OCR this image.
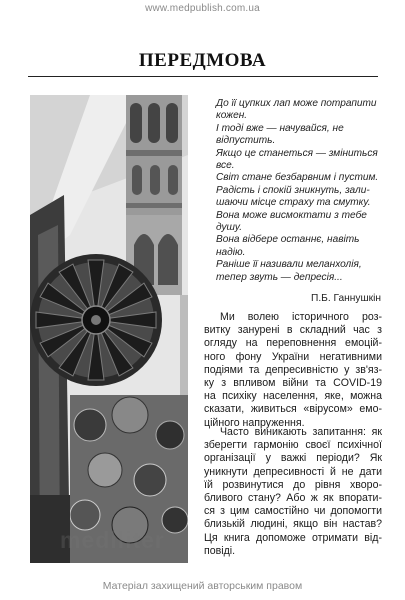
www.medpublish.com.ua
ПЕРЕДМОВА
До її цупких лап може потрапити
кожен.
І тоді вже — начувайся, не
відпустить.
Якщо це станеться — зміниться
все.
Світ стане безбарвним і пустим.
Радість і спокій зникнуть, зали-
шаючи місце страху та смутку.
Вона може висмоктати з тебе
душу.
Вона відбере останнє, навіть
надію.
Раніше її називали меланхолія,
тепер звуть — депресія...
П.Б. Ганнушкін
Ми волею історичного роз-
витку занурені в складний час з
огляду на переповнення емоцій-
ного фону України негативними
подіями та депресивністю у зв'яз-
ку з впливом війни та COVID-19
на психіку населення, яке, можна
сказати, живиться «вірусом» емо-
ційного напруження.
Часто виникають запитання: як
зберегти гармонію своєї психічної
організації у важкі періоди? Як
уникнути депресивності й не дати
їй розвинутися до рівня хворо-
бливого стану? Або ж як впорати-
ся з цим самостійно чи допомогти
близькій людині, якщо він настав?
Ця книга допоможе отримати від-
повіді.
mediliter
Матеріал захищений авторським правом
